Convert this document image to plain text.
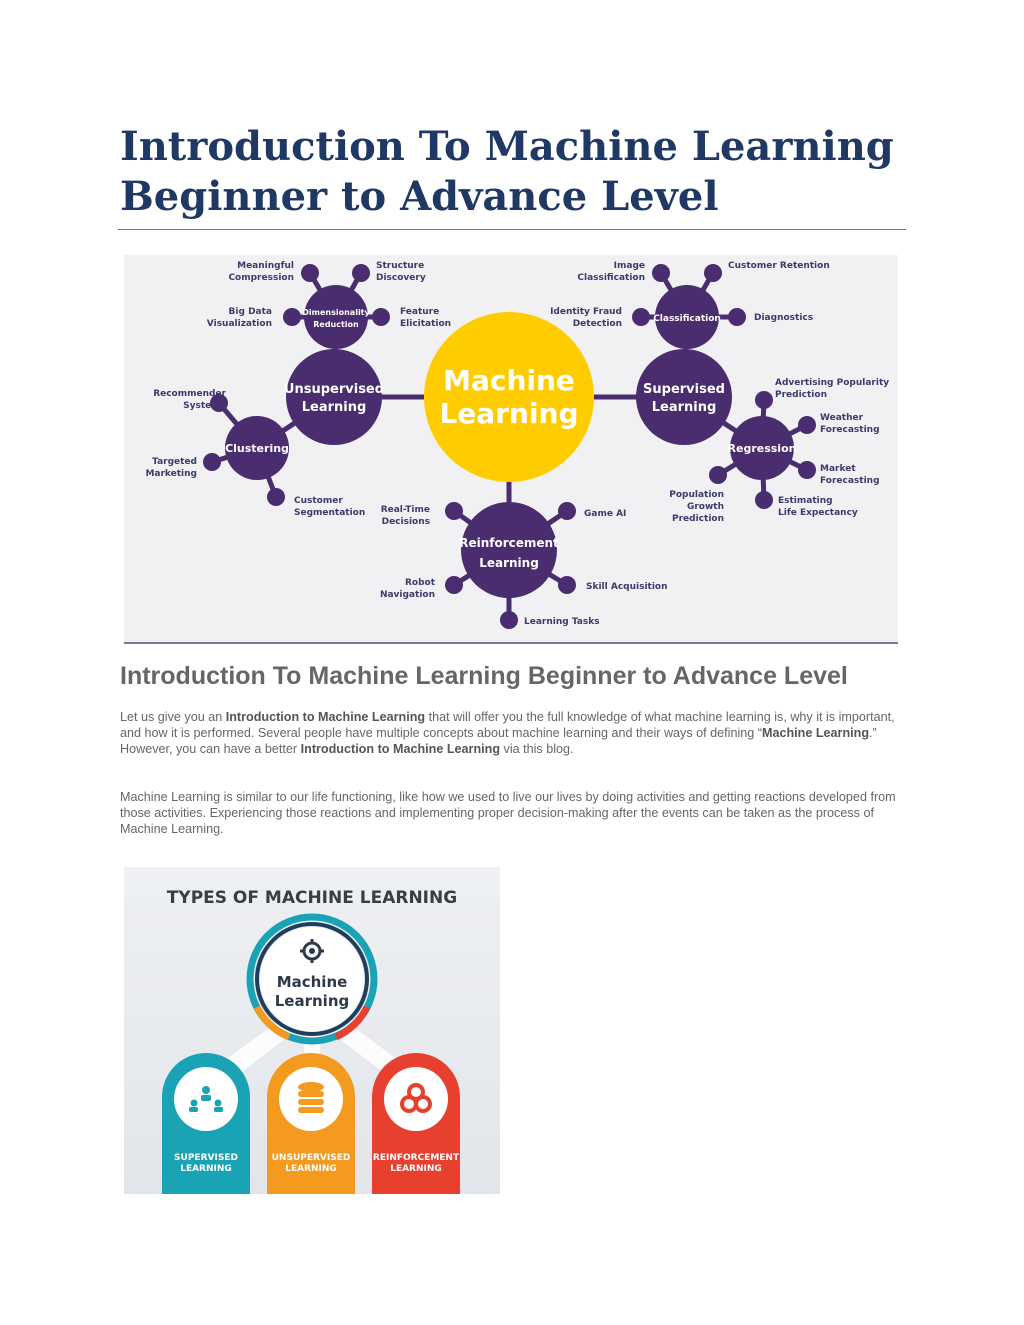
Introduction To Machine Learning Beginner to Advance Level
Machine
Learning
Unsupervised
Learning
Dimensionality
Reduction
Clustering
Supervised
Learning
Classification
Regression
Reinforcement
Learning
Meaningful
Compression
Structure
Discovery
Big Data
Visualization
Feature
Elicitation
Recommender
Systems
Targeted
Marketing
Customer
Segmentation
Image
Classification
Customer Retention
Identity Fraud
Detection
Diagnostics
Advertising Popularity
Prediction
Weather
Forecasting
Market
Forecasting
Estimating
Life Expectancy
Population
Growth
Prediction
Real-Time
Decisions
Game AI
Robot
Navigation
Skill Acquisition
Learning Tasks
Introduction To Machine Learning Beginner to Advance Level

Let us give you an Introduction to Machine Learning that will offer you the full knowledge of what machine learning is, why it is important, and how it is performed. Several people have multiple concepts about machine learning and their ways of defining “Machine Learning.” However, you can have a better Introduction to Machine Learning via this blog.

Machine Learning is similar to our life functioning, like how we used to live our lives by doing activities and getting reactions developed from those activities. Experiencing those reactions and implementing proper decision-making after the events can be taken as the process of Machine Learning.

TYPES OF MACHINE LEARNING
Machine
Learning
SUPERVISED
LEARNING
UNSUPERVISED
LEARNING
REINFORCEMENT
LEARNING
